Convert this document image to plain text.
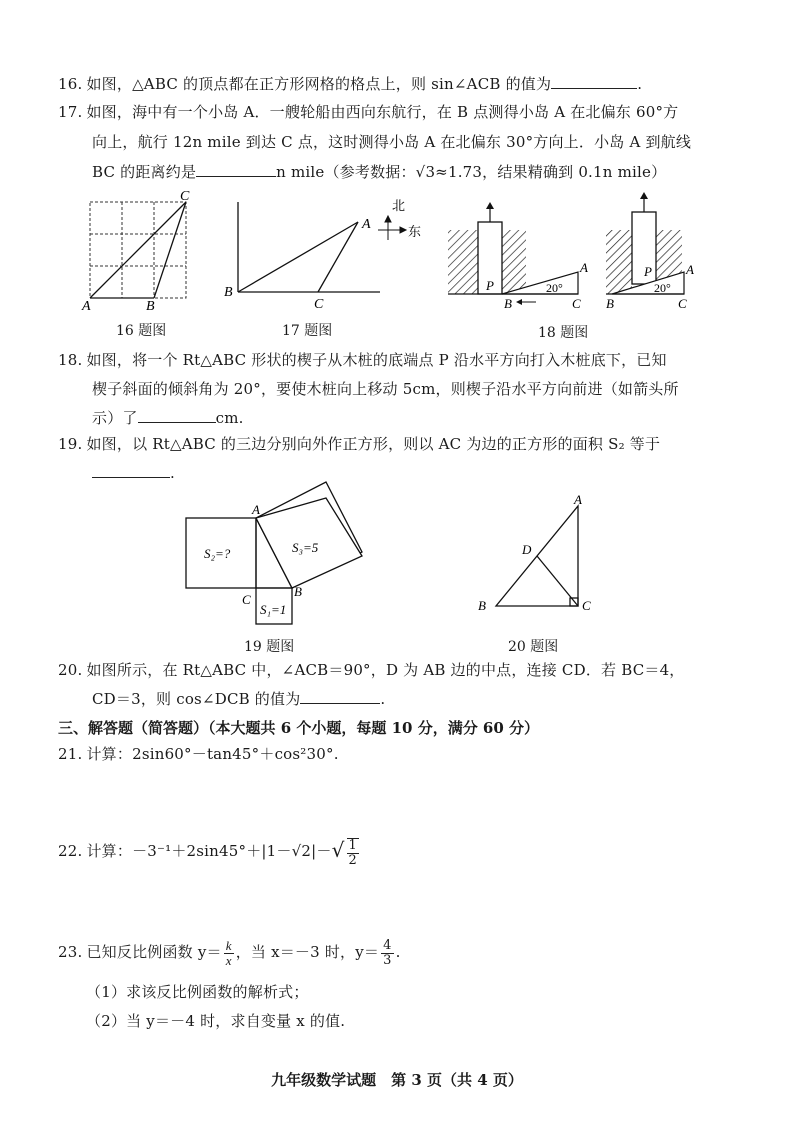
16. 如图，△ABC 的顶点都在正方形网格的格点上，则 sin∠ACB 的值为	.
17. 如图，海中有一个小岛 A．一艘轮船由西向东航行，在 B 点测得小岛 A 在北偏东 60°方
向上，航行 12n mile 到达 C 点，这时测得小岛 A 在北偏东 30°方向上．小岛 A 到航线
BC 的距离约是	n mile（参考数据：√3≈1.73，结果精确到 0.1n mile）
A	B
C
16 题图
B
C
A
北
东
17 题图
P
B	C
A
20°
P
B	C
A
20°
18 题图
18. 如图，将一个 Rt△ABC 形状的楔子从木桩的底端点 P 沿水平方向打入木桩底下，已知
楔子斜面的倾斜角为 20°，要使木桩向上移动 5cm，则楔子沿水平方向前进（如箭头所
示）了	cm.
19. 如图，以 Rt△ABC 的三边分别向外作正方形，则以 AC 为边的正方形的面积 S₂ 等于
.
S₂=?	S₃=5
S₁=1
A
C
B
19 题图
A
D
B	C
20 题图
20. 如图所示，在 Rt△ABC 中，∠ACB＝90°，D 为 AB 边的中点，连接 CD．若 BC＝4，
CD＝3，则 cos∠DCB 的值为	.
三、解答题（简答题）（本大题共 6 个小题，每题 10 分，满分 60 分）
21. 计算：2sin60°－tan45°＋cos²30°.
22. 计算：$-3^{-1}+2\sin 45^\circ+|1-√2|-√ \frac{1}{2}$
23. 已知反比例函数 $y= \frac{k}{x}$ ，当 x＝－3 时，$y= \frac{4}{3}$ .
（1）求该反比例函数的解析式；
（2）当 y＝－4 时，求自变量 x 的值.
九年级数学试题　第 3 页（共 4 页）
